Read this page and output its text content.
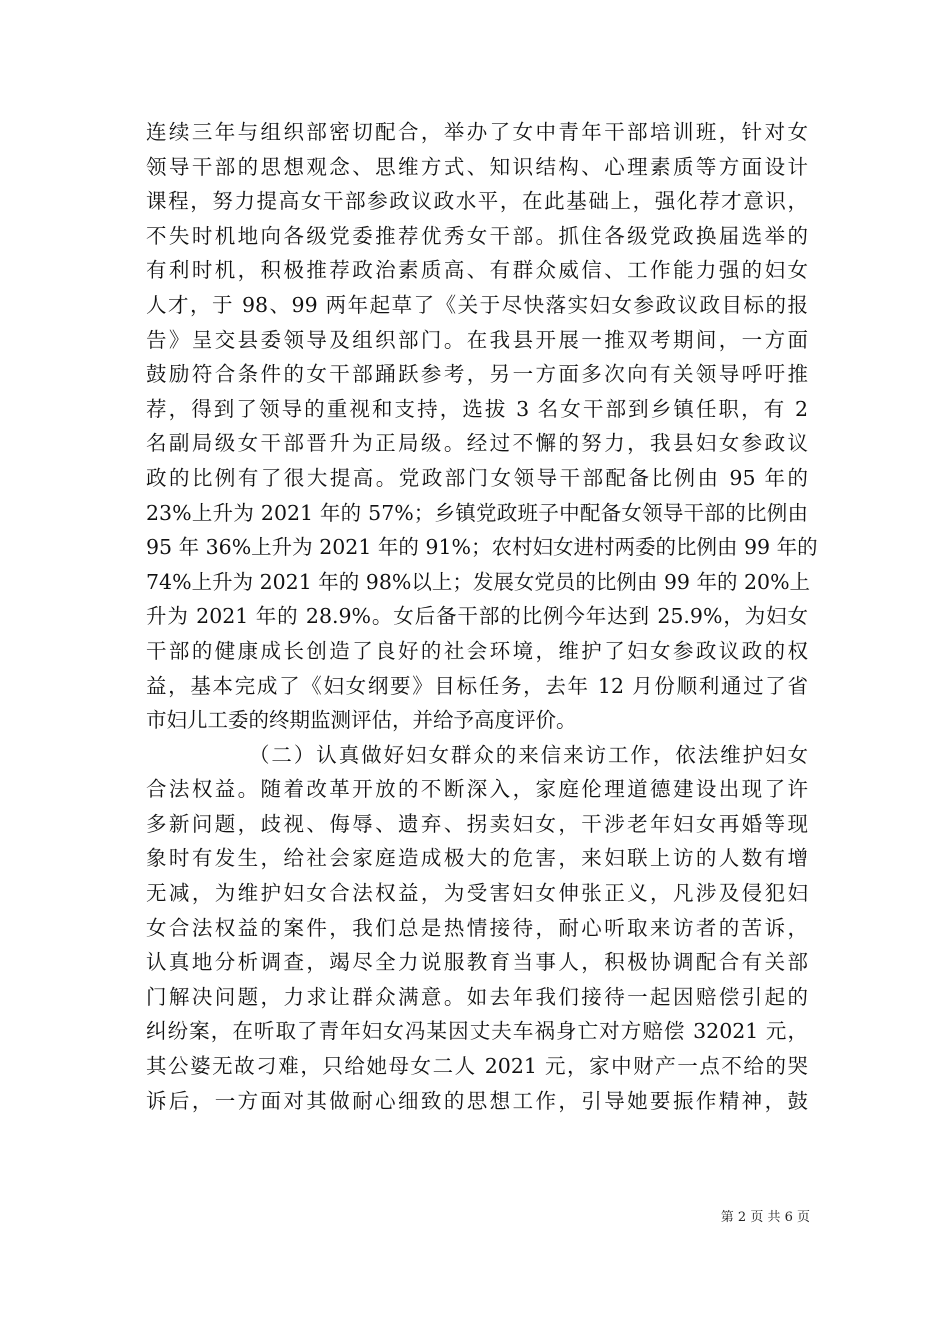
连续三年与组织部密切配合，举办了女中青年干部培训班，针对女
领导干部的思想观念、思维方式、知识结构、心理素质等方面设计
课程，努力提高女干部参政议政水平，在此基础上，强化荐才意识，
不失时机地向各级党委推荐优秀女干部。抓住各级党政换届选举的
有利时机，积极推荐政治素质高、有群众威信、工作能力强的妇女
人才，于 98、99 两年起草了《关于尽快落实妇女参政议政目标的报
告》呈交县委领导及组织部门。在我县开展一推双考期间，一方面
鼓励符合条件的女干部踊跃参考，另一方面多次向有关领导呼吁推
荐，得到了领导的重视和支持，选拔 3 名女干部到乡镇任职，有 2
名副局级女干部晋升为正局级。经过不懈的努力，我县妇女参政议
政的比例有了很大提高。党政部门女领导干部配备比例由 95 年的
23%上升为 2021 年的 57%；乡镇党政班子中配备女领导干部的比例由
95 年 36%上升为 2021 年的 91%；农村妇女进村两委的比例由 99 年的
74%上升为 2021 年的 98%以上；发展女党员的比例由 99 年的 20%上
升为 2021 年的 28.9%。女后备干部的比例今年达到 25.9%，为妇女
干部的健康成长创造了良好的社会环境，维护了妇女参政议政的权
益，基本完成了《妇女纲要》目标任务，去年 12 月份顺利通过了省
市妇儿工委的终期监测评估，并给予高度评价。
（二）认真做好妇女群众的来信来访工作，依法维护妇女
合法权益。随着改革开放的不断深入，家庭伦理道德建设出现了许
多新问题，歧视、侮辱、遗弃、拐卖妇女，干涉老年妇女再婚等现
象时有发生，给社会家庭造成极大的危害，来妇联上访的人数有增
无减，为维护妇女合法权益，为受害妇女伸张正义，凡涉及侵犯妇
女合法权益的案件，我们总是热情接待，耐心听取来访者的苦诉，
认真地分析调查，竭尽全力说服教育当事人，积极协调配合有关部
门解决问题，力求让群众满意。如去年我们接待一起因赔偿引起的
纠纷案，在听取了青年妇女冯某因丈夫车祸身亡对方赔偿 32021 元，
其公婆无故刁难，只给她母女二人 2021 元，家中财产一点不给的哭
诉后，一方面对其做耐心细致的思想工作，引导她要振作精神，鼓
第 2 页 共 6 页
